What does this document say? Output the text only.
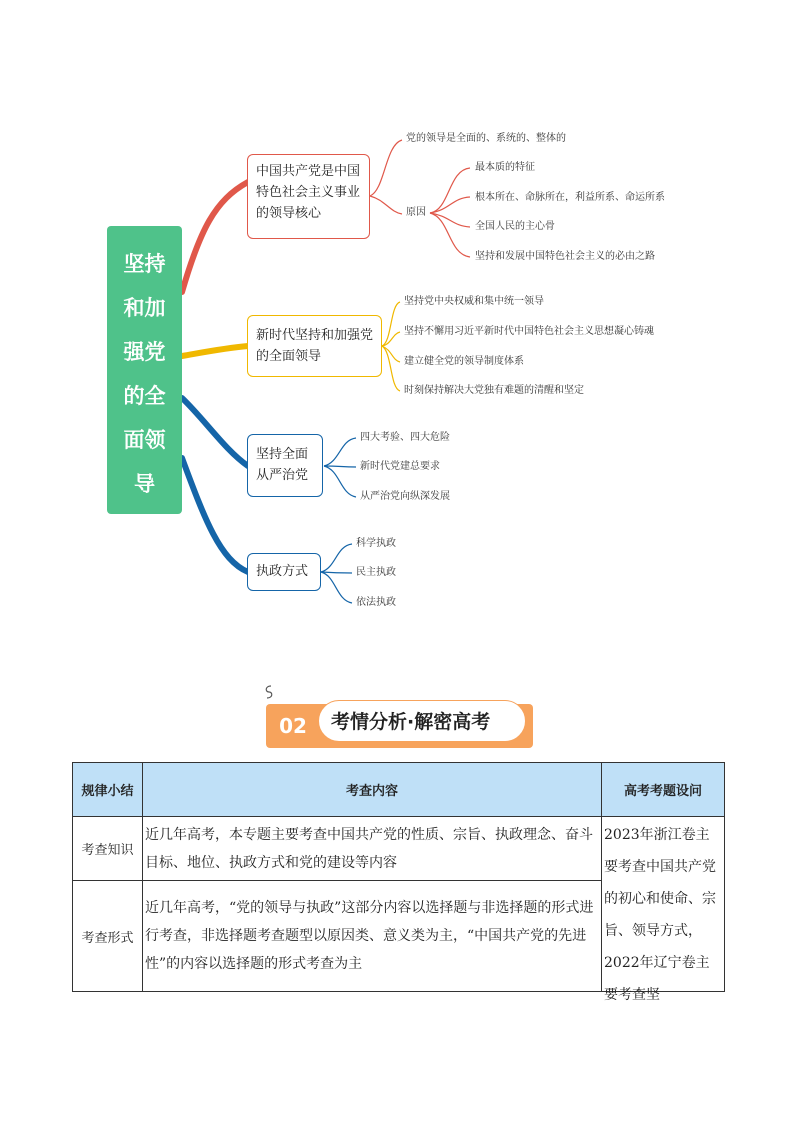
坚持和加强党的全面领导
中国共产党是中国特色社会主义事业的领导核心
新时代坚持和加强党的全面领导
坚持全面从严治党
执政方式
党的领导是全面的、系统的、整体的
原因
最本质的特征
根本所在、命脉所在，利益所系、命运所系
全国人民的主心骨
坚持和发展中国特色社会主义的必由之路
坚持党中央权威和集中统一领导
坚持不懈用习近平新时代中国特色社会主义思想凝心铸魂
建立健全党的领导制度体系
时刻保持解决大党独有难题的清醒和坚定
四大考验、四大危险
新时代党建总要求
从严治党向纵深发展
科学执政
民主执政
依法执政
02	考情分析·解密高考
规律小结	考查内容	高考考题设问
考查知识	近几年高考，本专题主要考查中国共产党的性质、宗旨、执政理念、奋斗目标、地位、执政方式和党的建设等内容	2023年浙江卷主要考查中国共产党的初心和使命、宗旨、领导方式，2022年辽宁卷主要考查坚

考查形式	近几年高考，“党的领导与执政”这部分内容以选择题与非选择题的形式进行考查，非选择题考查题型以原因类、意义类为主，“中国共产党的先进性”的内容以选择题的形式考查为主	
